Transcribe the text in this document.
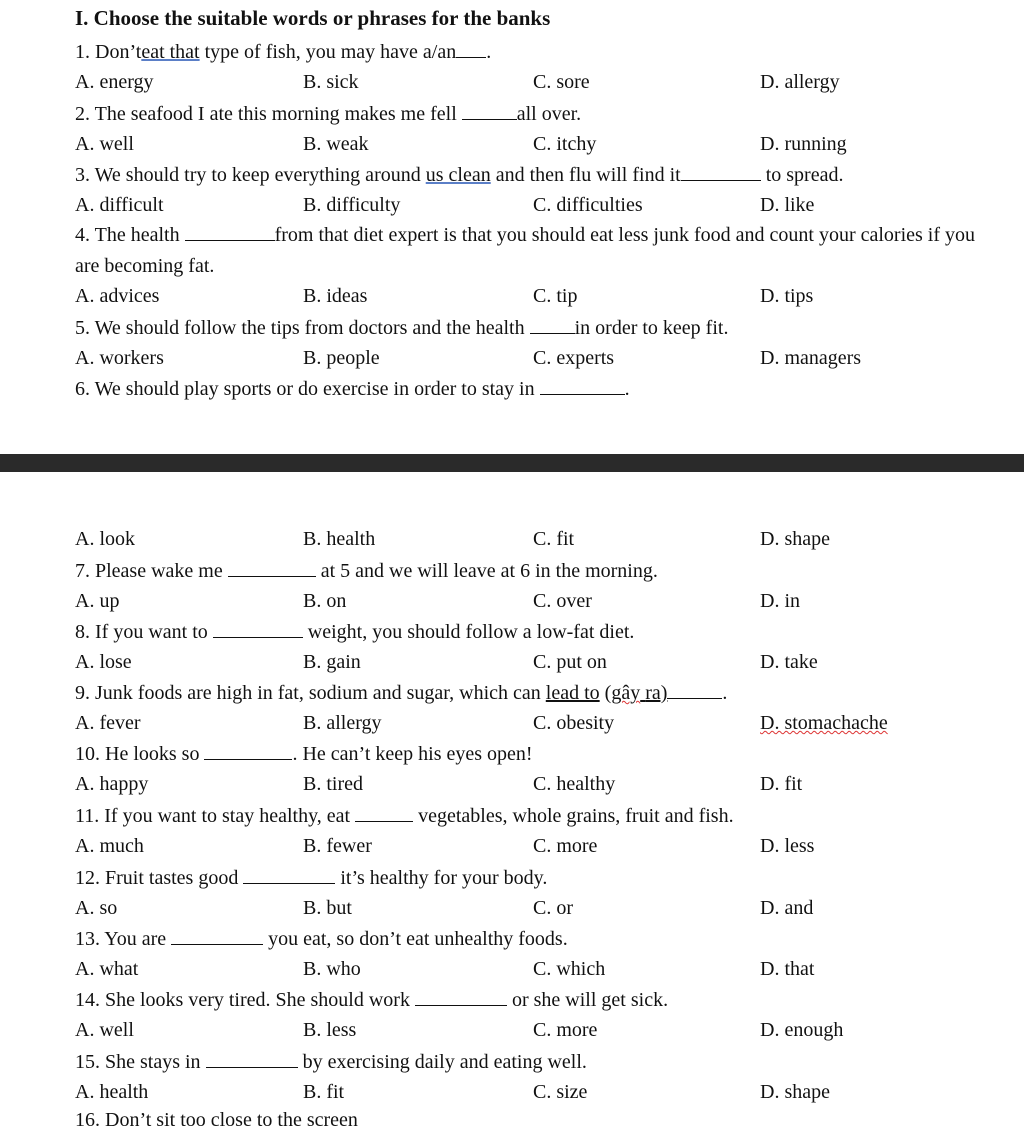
I. Choose the suitable words or phrases for the banks
1. Don’teat that type of fish, you may have a/an .
A. energy	B. sick	C. sore	D. allergy
2. The seafood I ate this morning makes me fell	all over.
A. well	B. weak	C. itchy	D. running
3. We should try to keep everything around us clean and then flu will find it	to spread.
A. difficult	B. difficulty	C. difficulties	D. like
4. The health	from that diet expert is that you should eat less junk food and count your calories if you are becoming fat.
A. advices	B. ideas	C. tip	D. tips
5. We should follow the tips from doctors and the health in order to keep fit.
A. workers	B. people	C. experts	D. managers
6. We should play sports or do exercise in order to stay in	.
A. look	B. health	C. fit	D. shape
7. Please wake me	at 5 and we will leave at 6 in the morning.
A. up	B. on	C. over	D. in
8. If you want to	weight, you should follow a low-fat diet.
A. lose	B. gain	C. put on	D. take
9. Junk foods are high in fat, sodium and sugar, which can lead to (gây ra)	.
A. fever	B. allergy	C. obesity	D. stomachache
10. He looks so	. He can’t keep his eyes open!
A. happy	B. tired	C. healthy	D. fit
11. If you want to stay healthy, eat	vegetables, whole grains, fruit and fish.
A. much	B. fewer	C. more	D. less
12. Fruit tastes good	it’s healthy for your body.
A. so	B. but	C. or	D. and
13. You are	you eat, so don’t eat unhealthy foods.
A. what	B. who	C. which	D. that
14. She looks very tired. She should work	or she will get sick.
A. well	B. less	C. more	D. enough
15. She stays in	by exercising daily and eating well.
A. health	B. fit	C. size	D. shape
16. Don’t sit too close to the screen
